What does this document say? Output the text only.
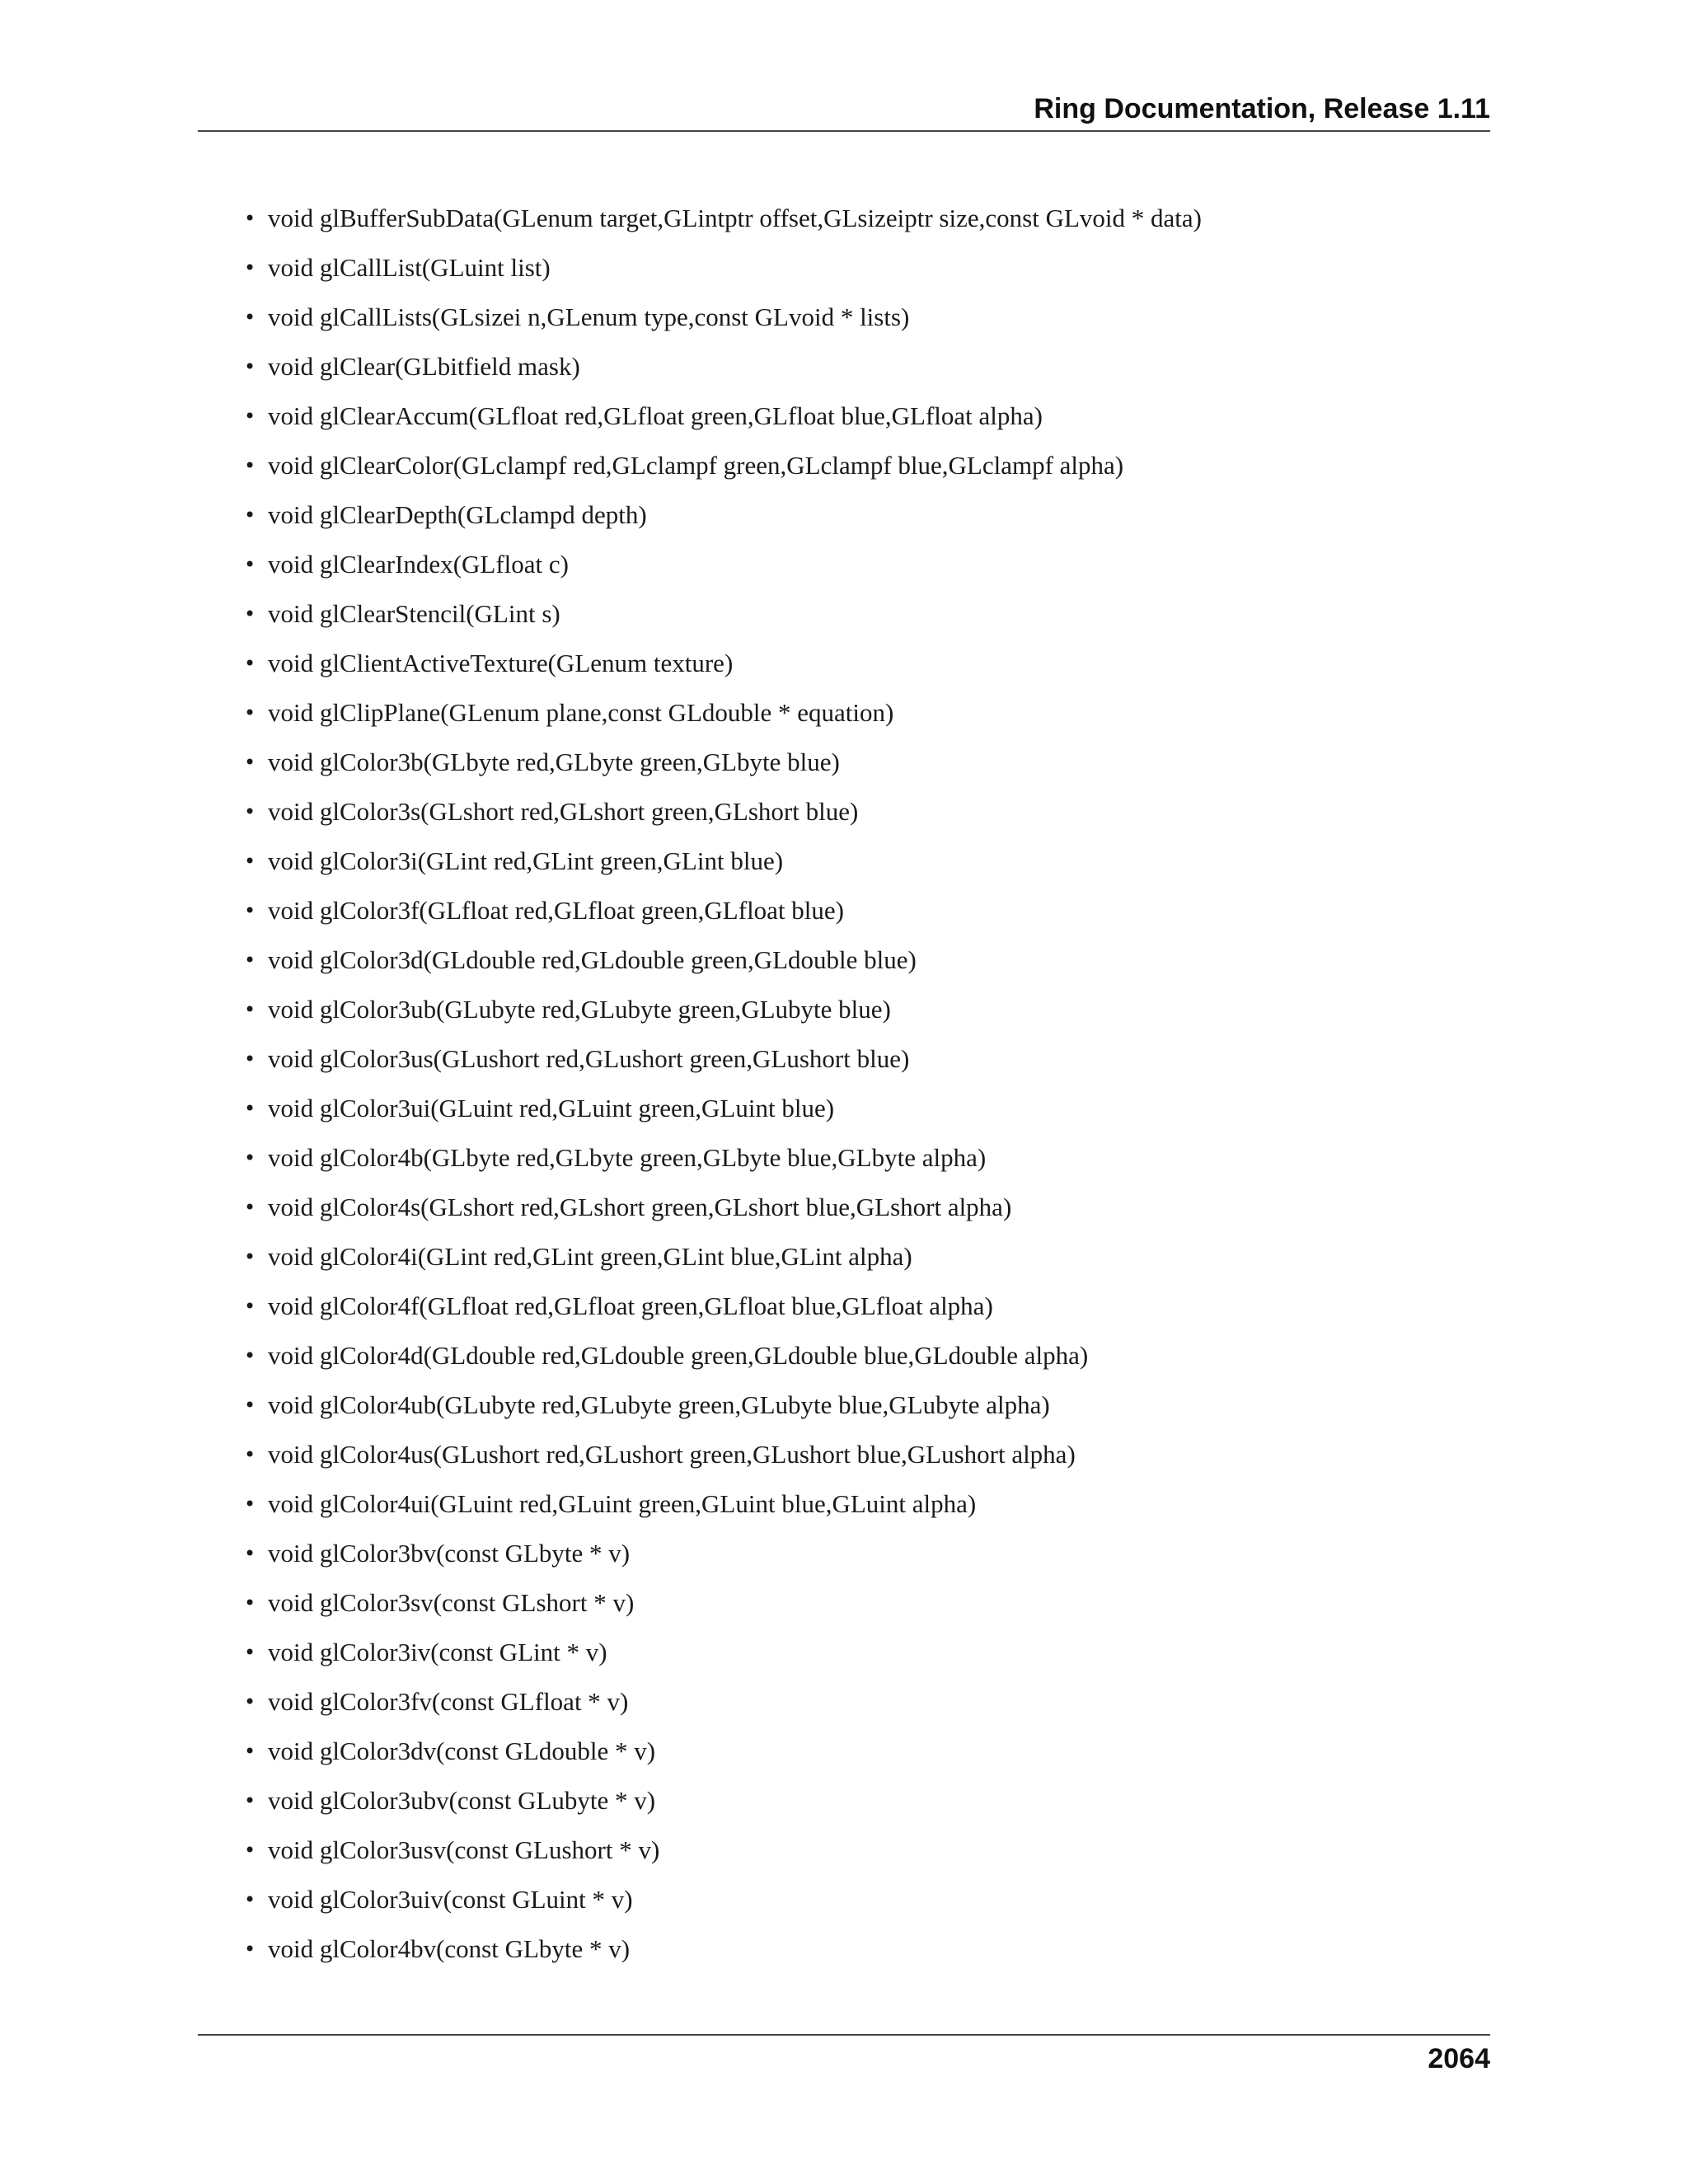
Ring Documentation, Release 1.11
• void glBufferSubData(GLenum target,GLintptr offset,GLsizeiptr size,const GLvoid * data)
• void glCallList(GLuint list)
• void glCallLists(GLsizei n,GLenum type,const GLvoid * lists)
• void glClear(GLbitfield mask)
• void glClearAccum(GLfloat red,GLfloat green,GLfloat blue,GLfloat alpha)
• void glClearColor(GLclampf red,GLclampf green,GLclampf blue,GLclampf alpha)
• void glClearDepth(GLclampd depth)
• void glClearIndex(GLfloat c)
• void glClearStencil(GLint s)
• void glClientActiveTexture(GLenum texture)
• void glClipPlane(GLenum plane,const GLdouble * equation)
• void glColor3b(GLbyte red,GLbyte green,GLbyte blue)
• void glColor3s(GLshort red,GLshort green,GLshort blue)
• void glColor3i(GLint red,GLint green,GLint blue)
• void glColor3f(GLfloat red,GLfloat green,GLfloat blue)
• void glColor3d(GLdouble red,GLdouble green,GLdouble blue)
• void glColor3ub(GLubyte red,GLubyte green,GLubyte blue)
• void glColor3us(GLushort red,GLushort green,GLushort blue)
• void glColor3ui(GLuint red,GLuint green,GLuint blue)
• void glColor4b(GLbyte red,GLbyte green,GLbyte blue,GLbyte alpha)
• void glColor4s(GLshort red,GLshort green,GLshort blue,GLshort alpha)
• void glColor4i(GLint red,GLint green,GLint blue,GLint alpha)
• void glColor4f(GLfloat red,GLfloat green,GLfloat blue,GLfloat alpha)
• void glColor4d(GLdouble red,GLdouble green,GLdouble blue,GLdouble alpha)
• void glColor4ub(GLubyte red,GLubyte green,GLubyte blue,GLubyte alpha)
• void glColor4us(GLushort red,GLushort green,GLushort blue,GLushort alpha)
• void glColor4ui(GLuint red,GLuint green,GLuint blue,GLuint alpha)
• void glColor3bv(const GLbyte * v)
• void glColor3sv(const GLshort * v)
• void glColor3iv(const GLint * v)
• void glColor3fv(const GLfloat * v)
• void glColor3dv(const GLdouble * v)
• void glColor3ubv(const GLubyte * v)
• void glColor3usv(const GLushort * v)
• void glColor3uiv(const GLuint * v)
• void glColor4bv(const GLbyte * v)
2064
